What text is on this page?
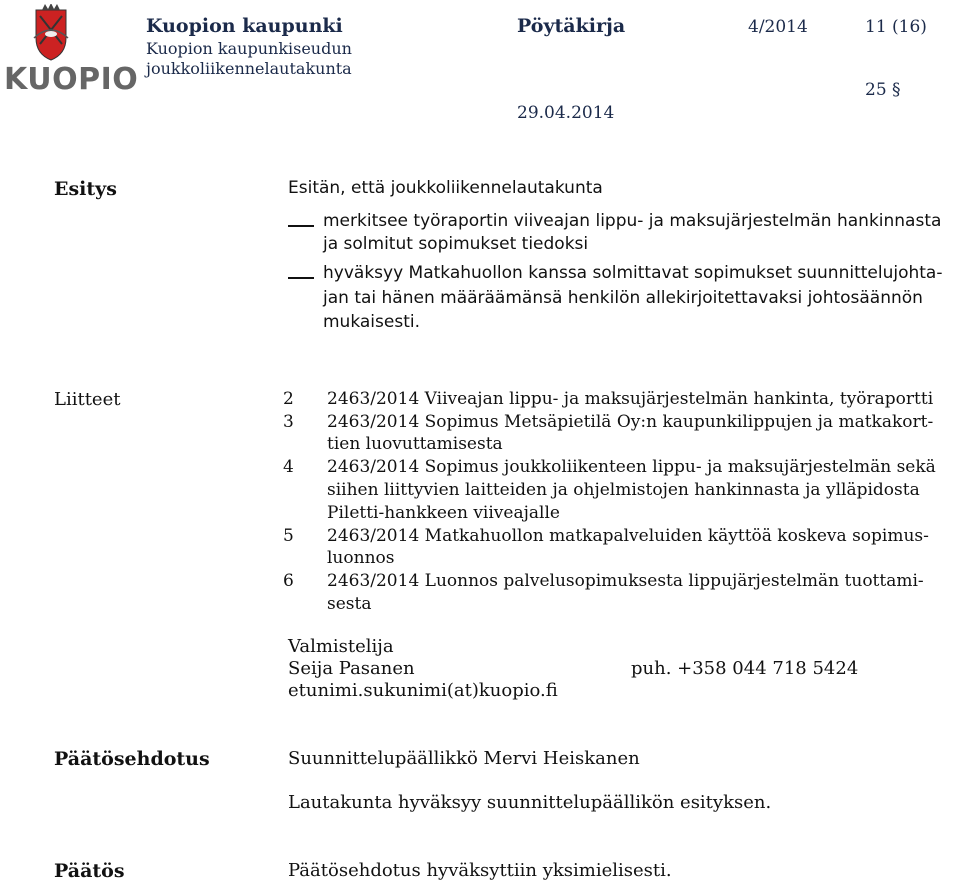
KUOPIO
Kuopion kaupunki	Pöytäkirja	4/2014	11 (16)
Kuopion kaupunkiseudun
joukkoliikennelautakunta
25 §
29.04.2014
Esitys	Esitän, että joukkoliikennelautakunta
merkitsee työraportin viiveajan lippu- ja maksujärjestelmän hankinnasta
ja solmitut sopimukset tiedoksi
hyväksyy Matkahuollon kanssa solmittavat sopimukset suunnittelujohta-
jan tai hänen määräämänsä henkilön allekirjoitettavaksi johtosäännön
mukaisesti.
Liitteet	2 2463/2014 Viiveajan lippu- ja maksujärjestelmän hankinta, työraportti
3 2463/2014 Sopimus Metsäpietilä Oy:n kaupunkilippujen ja matkakort-
tien luovuttamisesta
4 2463/2014 Sopimus joukkoliikenteen lippu- ja maksujärjestelmän sekä
siihen liittyvien laitteiden ja ohjelmistojen hankinnasta ja ylläpidosta
Piletti-hankkeen viiveajalle
5 2463/2014 Matkahuollon matkapalveluiden käyttöä koskeva sopimus-
luonnos
6 2463/2014 Luonnos palvelusopimuksesta lippujärjestelmän tuottami-
sesta
Valmistelija
Seija Pasanen	puh. +358 044 718 5424
etunimi.sukunimi(at)kuopio.fi
Päätösehdotus	Suunnittelupäällikkö Mervi Heiskanen
Lautakunta hyväksyy suunnittelupäällikön esityksen.
Päätös	Päätösehdotus hyväksyttiin yksimielisesti.
